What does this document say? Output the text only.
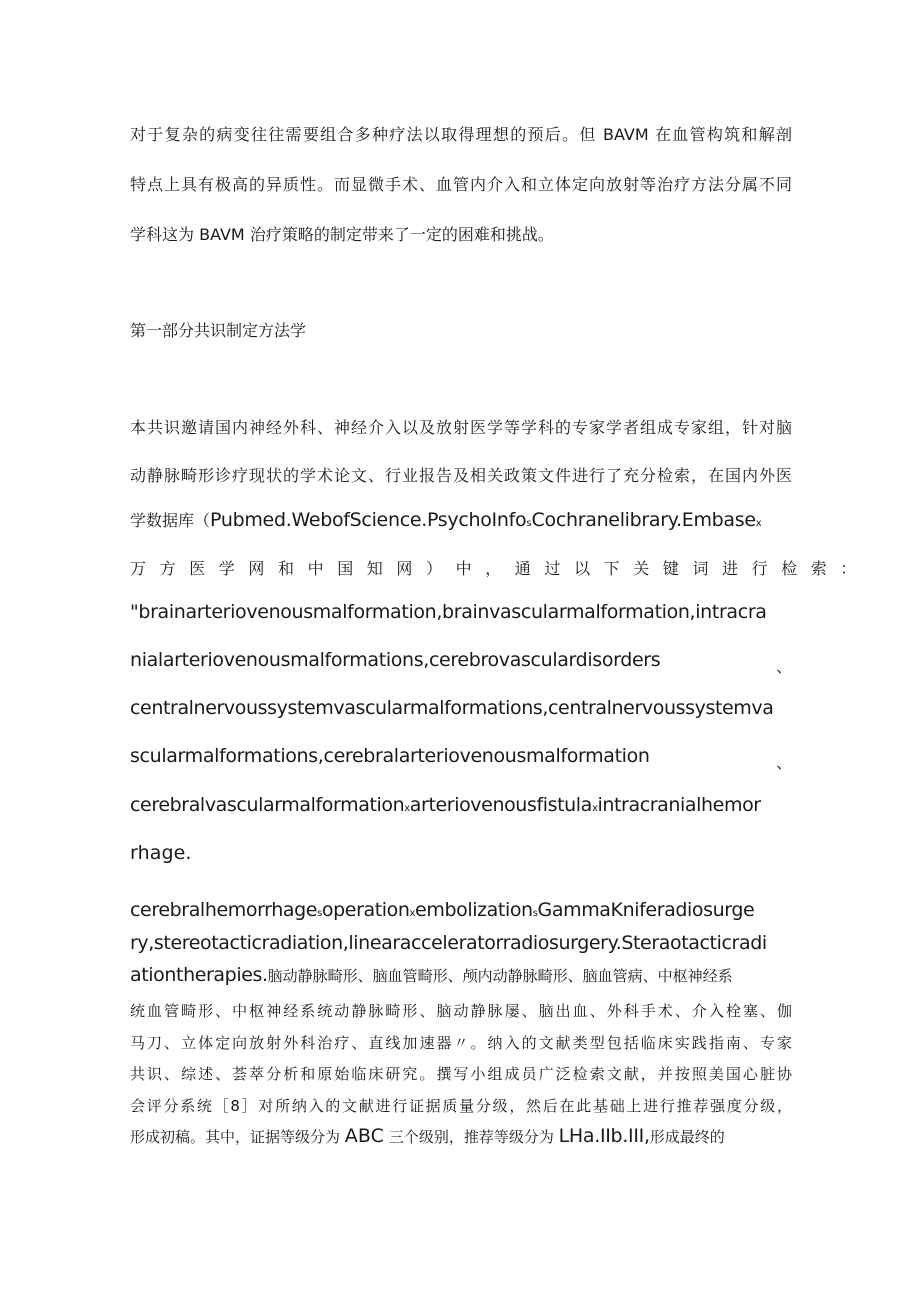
对于复杂的病变往往需要组合多种疗法以取得理想的预后。但 BAVM 在血管构筑和解剖
特点上具有极高的异质性。而显微手术、血管内介入和立体定向放射等治疗方法分属不同
学科这为 BAVM 治疗策略的制定带来了一定的困难和挑战。
第一部分共识制定方法学
本共识邀请国内神经外科、神经介入以及放射医学等学科的专家学者组成专家组，针对脑
动静脉畸形诊疗现状的学术论文、行业报告及相关政策文件进行了充分检索，在国内外医
学数据库（Pubmed.WebofScience.PsychoInfosCochranelibrary.Embasex
万方医学网和中国知网）中，通过以下关键词进行检索：
"brainarteriovenousmalformation,brainvascularmalformation,intracra
nialarteriovenousmalformations,cerebrovasculardisorders	、
centralnervoussystemvascularmalformations,centralnervoussystemva
scularmalformations,cerebralarteriovenousmalformation	、
cerebralvascularmalformationxarteriovenousfistulaxintracranialhemor
rhage.
cerebralhemorrhagesoperationxembolizationsGammaKniferadiosurge
ry,stereotacticradiation,linearacceleratorradiosurgery.Steraotacticradi
ationtherapies.脑动静脉畸形、脑血管畸形、颅内动静脉畸形、脑血管病、中枢神经系
统血管畸形、中枢神经系统动静脉畸形、脑动静脉屡、脑出血、外科手术、介入栓塞、伽
马刀、立体定向放射外科治疗、直线加速器〃。纳入的文献类型包括临床实践指南、专家
共识、综述、荟萃分析和原始临床研究。撰写小组成员广泛检索文献，并按照美国心脏协
会评分系统［8］对所纳入的文献进行证据质量分级，然后在此基础上进行推荐强度分级，
形成初稿。其中，证据等级分为 ABC 三个级别，推荐等级分为 LHa.IIb.III,形成最终的
